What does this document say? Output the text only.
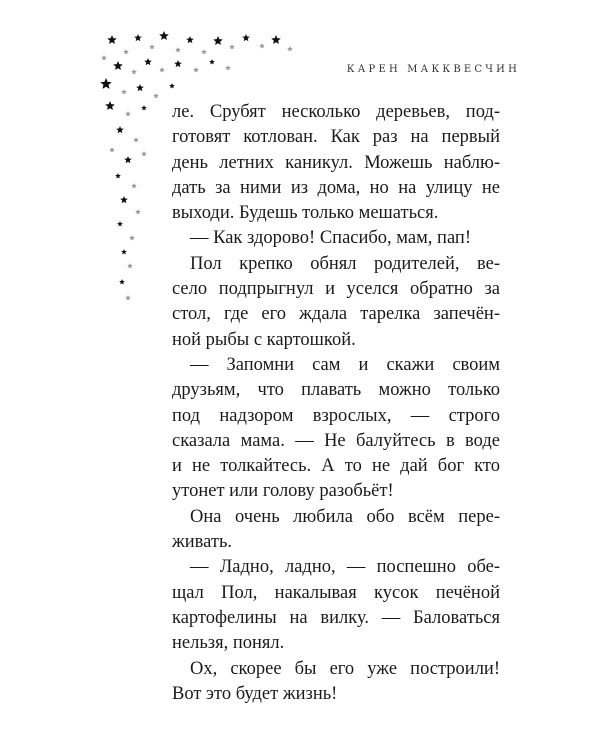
КАРЕН МАККВЕСЧИН
ле. Срубят несколько деревьев, под-
готовят котлован. Как раз на первый
день летних каникул. Можешь наблю-
дать за ними из дома, но на улицу не
выходи. Будешь только мешаться.
— Как здорово! Спасибо, мам, пап!
Пол крепко обнял родителей, ве-
село подпрыгнул и уселся обратно за
стол, где его ждала тарелка запечён-
ной рыбы с картошкой.
— Запомни сам и скажи своим
друзьям, что плавать можно только
под надзором взрослых, — строго
сказала мама. — Не балуйтесь в воде
и не толкайтесь. А то не дай бог кто
утонет или голову разобьёт!
Она очень любила обо всём пере-
живать.
— Ладно, ладно, — поспешно обе-
щал Пол, накалывая кусок печёной
картофелины на вилку. — Баловаться
нельзя, понял.
Ох, скорее бы его уже построили!
Вот это будет жизнь!
